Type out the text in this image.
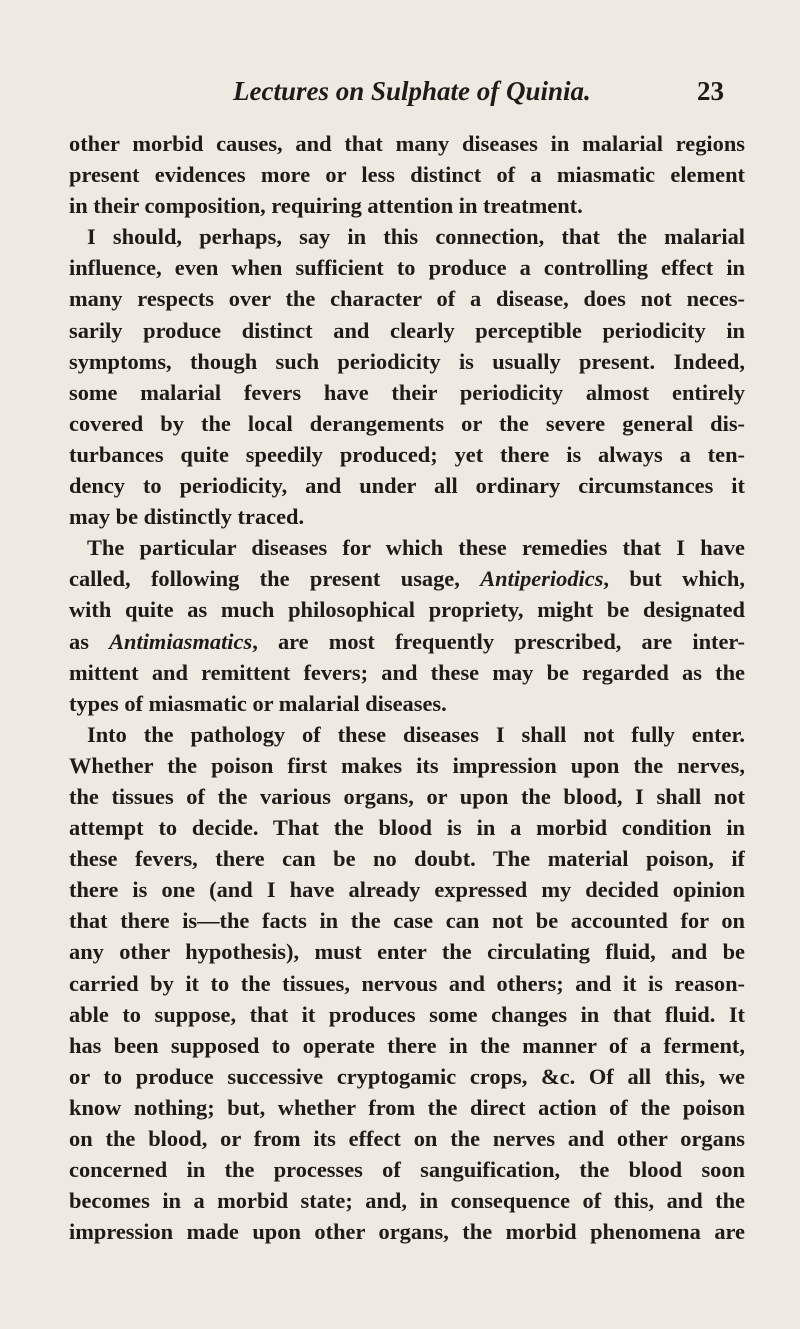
Lectures on Sulphate of Quinia.	23
other morbid causes, and that many diseases in malarial regions
present evidences more or less distinct of a miasmatic element
in their composition, requiring attention in treatment.
I should, perhaps, say in this connection, that the malarial
influence, even when sufficient to produce a controlling effect in
many respects over the character of a disease, does not neces-
sarily produce distinct and clearly perceptible periodicity in
symptoms, though such periodicity is usually present. Indeed,
some malarial fevers have their periodicity almost entirely
covered by the local derangements or the severe general dis-
turbances quite speedily produced; yet there is always a ten-
dency to periodicity, and under all ordinary circumstances it
may be distinctly traced.
The particular diseases for which these remedies that I have
called, following the present usage, Antiperiodics, but which,
with quite as much philosophical propriety, might be designated
as Antimiasmatics, are most frequently prescribed, are inter-
mittent and remittent fevers; and these may be regarded as the
types of miasmatic or malarial diseases.
Into the pathology of these diseases I shall not fully enter.
Whether the poison first makes its impression upon the nerves,
the tissues of the various organs, or upon the blood, I shall not
attempt to decide. That the blood is in a morbid condition in
these fevers, there can be no doubt. The material poison, if
there is one (and I have already expressed my decided opinion
that there is—the facts in the case can not be accounted for on
any other hypothesis), must enter the circulating fluid, and be
carried by it to the tissues, nervous and others; and it is reason-
able to suppose, that it produces some changes in that fluid. It
has been supposed to operate there in the manner of a ferment,
or to produce successive cryptogamic crops, &c. Of all this, we
know nothing; but, whether from the direct action of the poison
on the blood, or from its effect on the nerves and other organs
concerned in the processes of sanguification, the blood soon
becomes in a morbid state; and, in consequence of this, and the
impression made upon other organs, the morbid phenomena are
